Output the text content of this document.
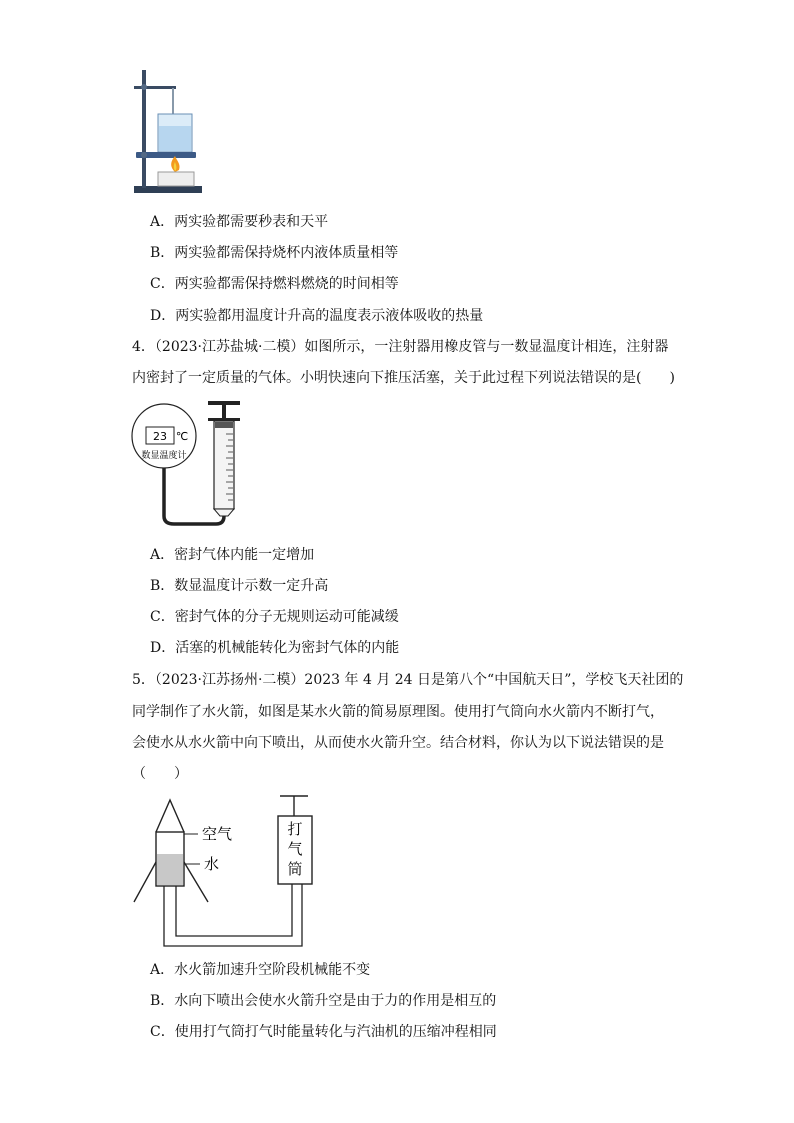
A．两实验都需要秒表和天平
B．两实验都需保持烧杯内液体质量相等
C．两实验都需保持燃料燃烧的时间相等
D．两实验都用温度计升高的温度表示液体吸收的热量
4．（2023·江苏盐城·二模）如图所示，一注射器用橡皮管与一数显温度计相连，注射器
内密封了一定质量的气体。小明快速向下推压活塞，关于此过程下列说法错误的是(　　)
23 ℃
数显温度计
A．密封气体内能一定增加
B．数显温度计示数一定升高
C．密封气体的分子无规则运动可能减缓
D．活塞的机械能转化为密封气体的内能
5．（2023·江苏扬州·二模）2023 年 4 月 24 日是第八个“中国航天日”，学校飞天社团的
同学制作了水火箭，如图是某水火箭的简易原理图。使用打气筒向水火箭内不断打气，
会使水从水火箭中向下喷出，从而使水火箭升空。结合材料，你认为以下说法错误的是
（　　）
空气
水
打
气
筒
A．水火箭加速升空阶段机械能不变
B．水向下喷出会使水火箭升空是由于力的作用是相互的
C．使用打气筒打气时能量转化与汽油机的压缩冲程相同
